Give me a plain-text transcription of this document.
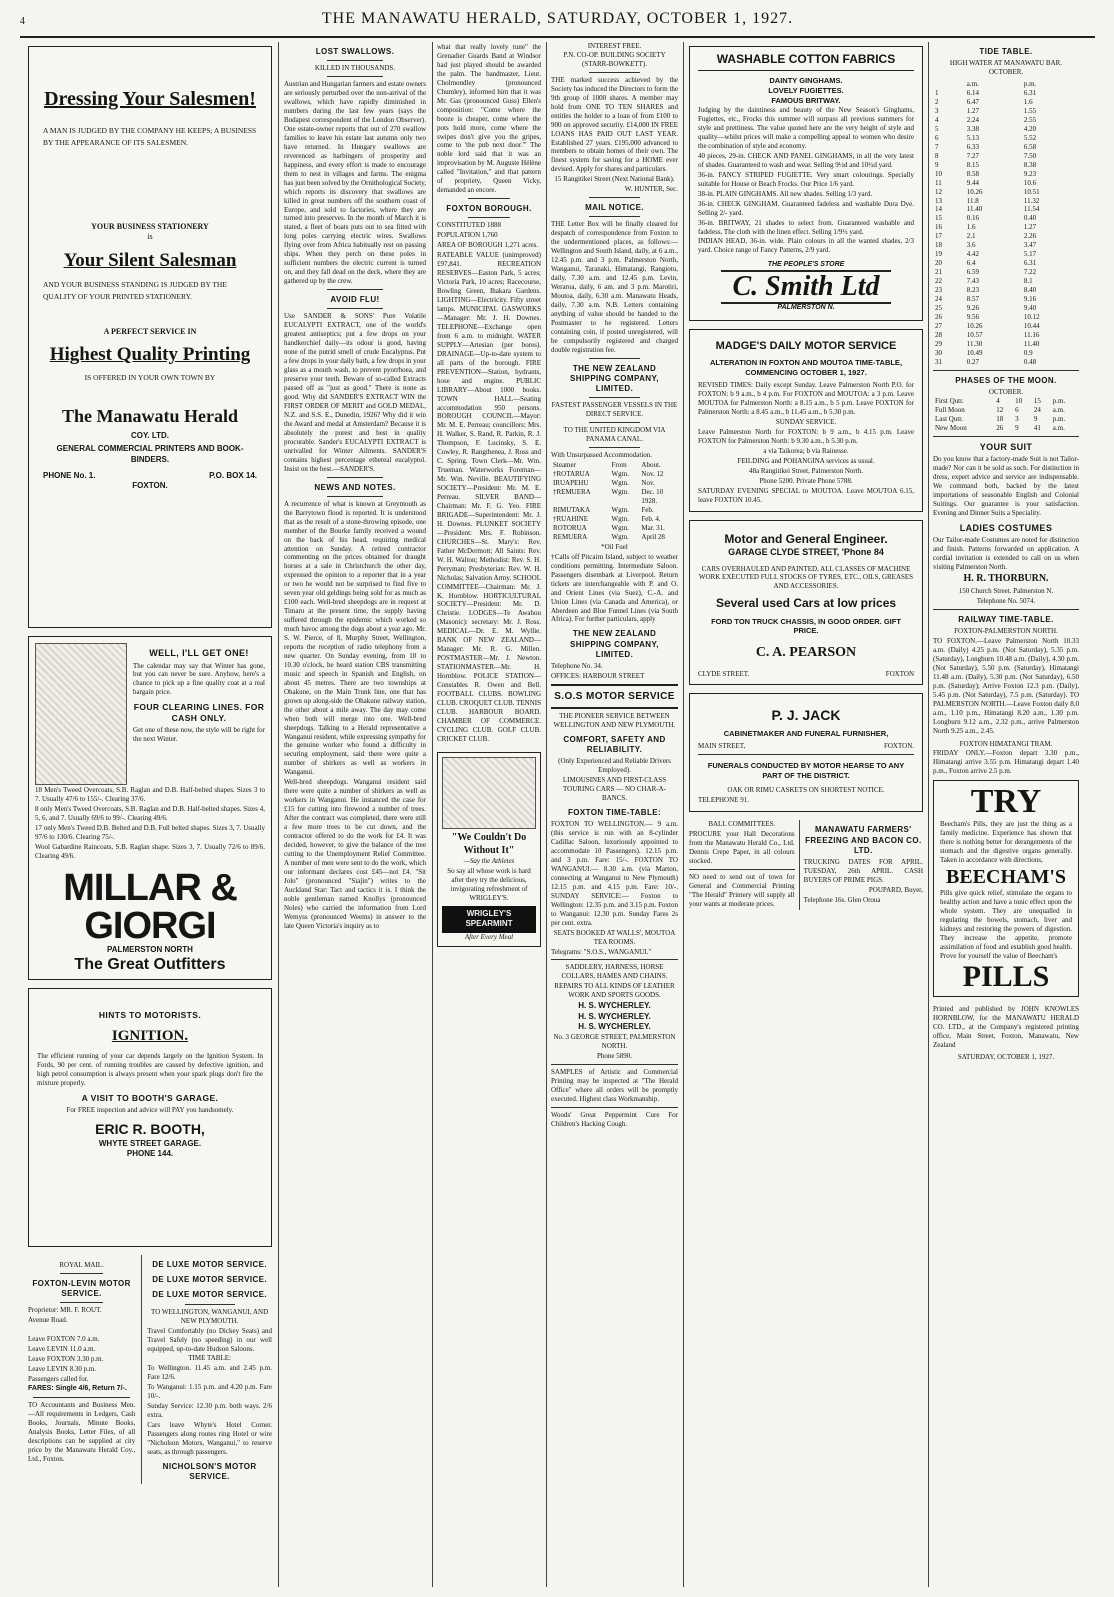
4	THE MANAWATU HERALD, SATURDAY, OCTOBER 1, 1927.
Dressing Your Salesmen!
A MAN IS JUDGED BY THE COMPANY HE KEEPS; A BUSINESS BY THE APPEARANCE OF ITS SALESMEN.
YOUR BUSINESS STATIONERY
is
Your Silent Salesman
AND YOUR BUSINESS STANDING IS JUDGED BY THE QUALITY OF YOUR PRINTED STATIONERY.
A PERFECT SERVICE IN
Highest Quality Printing
IS OFFERED IN YOUR OWN TOWN BY
The Manawatu Herald
COY. LTD.
GENERAL COMMERCIAL PRINTERS AND BOOK-BINDERS.
PHONE No. 1.	P.O. BOX 14.
FOXTON.
WELL, I'LL GET ONE!

The calendar may say that Winter has gone, but you can never be sure. Anyhow, here's a chance to pick up a fine quality coat at a real bargain price.

FOUR CLEARING LINES. FOR CASH ONLY.

Get one of these now, the style will be right for the next Winter.

18 Men's Tweed Overcoats, S.B. Raglan and D.B. Half-belted shapes. Sizes 3 to 7. Usually 47/6 to 155/-. Clearing 37/6.

8 only Men's Tweed Overcoats, S.B. Raglan and D.B. Half-belted shapes. Sizes 4, 5, 6, and 7. Usually 69/6 to 99/-. Clearing 49/6.

17 only Men's Tweed D.B. Belted and D.B. Full belted shapes. Sizes 3, 7. Usually 97/6 to 130/6. Clearing 75/-.

Wool Gabardine Raincoats, S.B. Raglan shape. Sizes 3, 7. Usually 72/6 to 89/6. Clearing 49/6.

MILLAR & GIORGI
PALMERSTON NORTH
The Great Outfitters
HINTS TO MOTORISTS.
IGNITION.

The efficient running of your car depends largely on the Ignition System. In Fords, 90 per cent. of running troubles are caused by defective ignition, and high petrol consumption is always present when your spark plugs don't fire the mixture properly.

A VISIT TO BOOTH'S GARAGE.

For FREE inspection and advice will PAY you handsomely.

ERIC R. BOOTH,
WHYTE STREET GARAGE.
PHONE 144.
ROYAL MAIL.
FOXTON-LEVIN MOTOR SERVICE.

Proprietor: MR. F. ROUT.

Avenue Road.

Leave FOXTON 7.0 a.m.

Leave LEVIN 11.0 a.m.

Leave FOXTON 3.30 p.m.

Leave LEVIN 8.30 p.m.

Passengers called for.

FARES: Single 4/6, Return 7/-.

TO Accountants and Business Men. —All requirements in Ledgers, Cash Books, Journals, Minute Books, Analysis Books, Letter Files, of all descriptions can be supplied at city price by the Manawatu Herald Coy., Ltd., Foxton.

DE LUXE MOTOR SERVICE.
DE LUXE MOTOR SERVICE.
DE LUXE MOTOR SERVICE.

TO WELLINGTON, WANGANUI, AND NEW PLYMOUTH.

Travel Comfortably (no Dickey Seats) and Travel Safely (no speeding) in our well equipped, up-to-date Hudson Saloons.

TIME TABLE:

To Wellington. 11.45 a.m. and 2.45 p.m. Fare 12/6.

To Wanganui: 1.15 p.m. and 4.20 p.m. Fare 10/-.

Sunday Service: 12.30 p.m. both ways. 2/6 extra.

Cars leave Whyte's Hotel Corner. Passengers along routes ring Hotel or wire "Nicholson Motors, Wanganui," to reserve seats, as through passengers.

NICHOLSON'S MOTOR SERVICE.
LOST SWALLOWS.
KILLED IN THOUSANDS.

Austrian and Hungarian farmers and estate owners are seriously perturbed over the non-arrival of the swallows, which have rapidly diminished in numbers during the last few years (says the Budapest correspondent of the London Observer). One estate-owner reports that out of 270 swallow families to leave his estate last autumn only two have returned. In Hungary swallows are reverenced as harbingers of prosperity and happiness, and every effort is made to encourage them to nest in villages and farms. The enigma has just been solved by the Ornithological Society, which reports its discovery that swallows are killed in great numbers off the southern coast of Europe, and sold to factories, where they are turned into preserves. In the month of March it is stated, a fleet of boats puts out to sea fitted with long poles carrying electric wires. Swallows flying over from Africa habitually rest on passing ships. When they perch on these poles in sufficient numbers the electric current is turned on, and they fall dead on the deck, where they are gathered up by the crew.

AVOID FLU!

Use SANDER & SONS' Pure Volatile EUCALYPTI EXTRACT, one of the world's greatest antiseptics; put a few drops on your handkerchief daily—its odour is good, having none of the putrid smell of crude Eucalyptus. Put a few drops in your daily bath, a few drops in your glass as a mouth wash, to prevent pyorrhoea, and preserve your teeth. Beware of so-called Extracts passed off as "just as good." There is none as good. Why did SANDER'S EXTRACT WIN the FIRST ORDER OF MERIT and GOLD MEDAL, N.Z. and S.S. E., Dunedin, 1926? Why did it win the Award and medal at Amsterdam? Because it is absolutely the purest and best in quality procurable. Sander's EUCALYPTI EXTRACT is unrivalled for Winter Ailments. SANDER'S contains highest percentage ethereal eucalyptol. Insist on the best.—SANDER'S.

NEWS AND NOTES.

A recurrence of what is known at Greymouth as the Barrytown flood is reported. It is understood that as the result of a stone-throwing episode, one member of the Bourke family received a wound on the back of his head, requiring medical attention on Sunday. A retired contractor commenting on the prices obtained for draught horses at a sale in Christchurch the other day, expressed the opinion to a reporter that in a year or two he would not be surprised to find five to seven year old geldings being sold for as much as £100 each. Well-bred sheepdogs are in request at Timaru at the present time, the supply having suffered through the epidemic which worked so much havoc among the dogs about a year ago. Mr. S. W. Pierce, of 8, Murphy Street, Wellington, reports the reception of radio telephony from a new quarter. On Sunday evening, from 10 to 10.30 o'clock, he heard station CBS transmitting music and speech in Spanish and English, on about 45 metres. There are two townships at Ohakune, on the Main Trunk line, one that has grown up along-side the Ohakune railway station, the other about a mile away. The day may come when both will merge into one. Well-bred sheepdogs. Talking to a Herald representative a Wanganui resident, while expressing sympathy for the genuine worker who found a difficulty in securing employment, said there were quite a number of shirkers as well as workers in Wanganui.

Well-bred sheepdogs. Wanganui resident said there were quite a number of shirkers as well as workers in Wanganui. He instanced the case for £15 for cutting into firewood a number of trees. After the contract was completed, there were still a few more trees to be cut down, and the contractor offered to do the work for £4. It was decided, however, to give the balance of the tree cutting to the Unemployment Relief Committee. A number of men were sent to do the work, which our informant declares cost £45—not £4. "Sit Jolo" (pronounced "Siajin") writes to the Auckland Star: Tact and tactics it is. I think the noble gentleman named Knollys (pronounced Noles) who carried the information from Lord Wemyss (pronounced Weems) in answer to the late Queen Victoria's inquiry as to

what that really lovely tune" the Grenadier Guards Band at Windsor had just played should be awarded the palm. The bandmaster, Lieut. Cholmondley (pronounced Chumley), informed him that it was Mr. Gas (pronounced Guss) Ellen's composition: "Come where the booze is cheaper, come where the pots hold more, come where the swipes don't give you the gripes, come to 'the pub next door.'" The noble lord said that it was an improvisation by M. Auguste Hélène called "Invitation," and that pattern of propriety, Queen Vicky, demanded an encore.

FOXTON BOROUGH.

CONSTITUTED 1888

POPULATION 1,760

AREA OF BOROUGH 1,271 acres.

RATEABLE VALUE (unimproved) £97,841. RECREATION RESERVES—Easton Park, 5 acres; Victoria Park, 10 acres; Racecourse, Bowling Green, Ihakara Gardens. LIGHTING—Electricity. Fifty street lamps. MUNICIPAL GASWORKS—Manager: Mr. J. H. Downes. TELEPHONE—Exchange open from 6 a.m. to midnight. WATER SUPPLY—Artesian (per bores). DRAINAGE—Up-to-date system to all parts of the borough. FIRE PREVENTION—Station, hydrants, hose and engine. PUBLIC LIBRARY—About 1000 books. TOWN HALL—Seating accommodation 950 persons. BOROUGH COUNCIL—Mayor: Mr. M. E. Perreau; councillors: Mrs. H. Walker, S. Rand, R. Parkin, R. J. Thompson, F. Lucinsky, S. E. Cowley, R. Rangihenea, J. Ross and C. Spring. Town Clerk—Mr. Wm. Trueman. Waterworks Foreman—Mr. Wm. Neville. BEAUTIFYING SOCIETY—President: Mr. M. E. Perreau. SILVER BAND—Chairman: Mr. F. G. Yeo. FIRE BRIGADE—Superintendent: Mr. J. H. Downes. PLUNKET SOCIETY—President: Mrs. F. Robinson. CHURCHES—St. Mary's: Rev. Father McDermott; All Saints: Rev. W. H. Walton; Methodist: Rev. S. H. Perryman; Presbyterian: Rev. W. H. Nicholas; Salvation Army. SCHOOL COMMITTEE—Chairman: Mr. J. K. Hornblow. HORTICULTURAL SOCIETY—President: Mr. D. Christie. LODGES—Te Awahou (Masonic): secretary: Mr. J. Ross. MEDICAL—Dr. E. M. Wyllie. BANK OF NEW ZEALAND—Manager: Mr. R. G. Millen. POSTMASTER—Mr. J. Newton. STATIONMASTER—Mr. H. Hornblow. POLICE STATION—Constables R. Owen and Bell. FOOTBALL CLUBS. BOWLING CLUB. CROQUET CLUB. TENNIS CLUB. HARBOUR BOARD. CHAMBER OF COMMERCE. CYCLING CLUB. GOLF CLUB. CRICKET CLUB.

"We Couldn't Do Without It"
—Say the Athletes

So say all whose work is hard after they try the delicious, invigorating refreshment of WRIGLEY'S.

WRIGLEY'S SPEARMINT
After Every Meal
INTEREST FREE.
P.N. CO-OP. BUILDING SOCIETY (STARR-BOWKETT).

THE marked success achieved by the Society has induced the Directors to form the 9th group of 1000 shares. A member may hold from ONE TO TEN SHARES and entitles the holder to a loan of from £100 to 900 on approved security. £14,000 IN FREE LOANS HAS PAID OUT LAST YEAR. Established 27 years. £195,000 advanced to members to obtain homes of their own. The finest system for saving for a HOME ever devised. Apply for shares and particulars.

15 Rangitikei Street (Next National Bank).

W. HUNTER, Sec.

MAIL NOTICE.

THE Letter Box will be finally cleared for despatch of correspondence from Foxton to the undermentioned places, as follows:— Wellington and South Island, daily, at 6 a.m., 12.45 p.m. and 3 p.m. Palmerston North, Wanganui, Taranaki, Himatangi, Rangiotu, daily, 7.30 a.m. and 12.45 p.m. Levin, Weraroa, daily, 6 am. and 3 p.m. Marotiri, Moutoa, daily, 6.30 a.m. Manawatu Heads, daily, 7.30 a.m. N.B. Letters containing anything of value should be handed to the Postmaster to be registered. Letters containing coin, if posted unregistered, will be compulsorily registered and charged double registration fee.

THE NEW ZEALAND SHIPPING COMPANY, LIMITED.
FASTEST PASSENGER VESSELS IN THE DIRECT SERVICE.
TO THE UNITED KINGDOM VIA PANAMA CANAL.

With Unsurpassed Accommodation.

Steamer	From	About.
†ROTARUA	Wgtn.	Nov. 12
IRUAPEHU	Wgtn.	Nov.
†REMUERA	Wgtn.	Dec. 10
		1928.
RIMUTAKA	Wgtn.	Feb.
†RUAHINE	Wgtn.	Feb. 4.
ROTORUA	Wgtn.	Mar. 31.
REMUERA	Wgtn.	April 28

*Oil Fuel

†Calls off Pitcairn Island, subject to weather conditions permitting. Intermediate Saloon. Passengers disembark at Liverpool. Return tickets are interchangeable with P. and O. and Orient Lines (via Suez), C.-A. and Union Lines (via Canada and America), or Aberdeen and Blue Funnel Lines (via South Africa). For further particulars, apply

THE NEW ZEALAND SHIPPING COMPANY, LIMITED.

Telephone No. 34.

OFFICES: HARBOUR STREET

S.O.S MOTOR SERVICE

THE PIONEER SERVICE BETWEEN WELLINGTON AND NEW PLYMOUTH.

COMFORT, SAFETY AND RELIABILITY.

(Only Experienced and Reliable Drivers Employed).

LIMOUSINES AND FIRST-CLASS TOURING CARS — NO CHAR-A-BANCS.

FOXTON TIME-TABLE:

FOXTON TO WELLINGTON.— 9 a.m. (this service is run with an 8-cylinder Cadillac Saloon, luxuriously appointed to accommodate 10 Passengers). 12.15 p.m. and 3 p.m. Fare: 15/-. FOXTON TO WANGANUI.— 8.30 a.m. (via Marton, connecting at Wanganui to New Plymouth) 12.15 p.m. and 4.15 p.m. Fare: 10/-. SUNDAY SERVICE:— Foxton to Wellington: 12.35 p.m. and 3.15 p.m. Foxton to Wanganui: 12.30 p.m. Sunday Fares 2s per cent. extra.

SEATS BOOKED AT WALLS', MOUTOA TEA ROOMS.

Telegrams: "S.O.S., WANGANUI."

SADDLERY, HARNESS, HORSE COLLARS, HAMES AND CHAINS.

REPAIRS TO ALL KINDS OF LEATHER WORK AND SPORTS GOODS.

H. S. WYCHERLEY.
H. S. WYCHERLEY.
H. S. WYCHERLEY.

No. 3 GEORGE STREET, PALMERSTON NORTH.

Phone 5890.

SAMPLES of Artistic and Commercial Printing may be inspected at "The Herald Office" where all orders will be promptly executed. Highest class Workmanship.

Woods' Great Peppermint Cure For Children's Hacking Cough.

WASHABLE COTTON FABRICS
DAINTY GINGHAMS.
LOVELY FUGIETTES.
FAMOUS BRITWAY.

Judging by the daintiness and beauty of the New Season's Ginghams, Fugiettes, etc., Frocks this summer will surpass all previous summers for style and prettiness. The value quoted here are the very height of style and quality—whilst prices will make a compelling appeal to women who desire the combination of style and economy.

40 pieces, 29-in. CHECK AND PANEL GINGHAMS, in all the very latest of shades. Guaranteed to wash and wear. Selling 9½d and 10½d yard.

36-in. FANCY STRIPED FUGIETTE. Very smart colourings. Specially suitable for House or Beach Frocks. Our Price 1/6 yard.

38-in. PLAIN GINGHAMS. All new shades. Selling 1/3 yard.

36-in. CHECK GINGHAM. Guaranteed fadeless and washable Dura Dye. Selling 2/- yard.

36-in. BRITWAY, 21 shades to select from. Guaranteed washable and fadeless. The cloth with the linen effect. Selling 1/9½ yard.

INDIAN HEAD, 36-in. wide. Plain colours in all the wanted shades, 2/3 yard. Choice range of Fancy Patterns, 2/9 yard.

THE PEOPLE'S STORE
C. Smith Ltd
PALMERSTON N.
MADGE'S DAILY MOTOR SERVICE
ALTERATION IN FOXTON AND MOUTOA TIME-TABLE, COMMENCING OCTOBER 1, 1927.

REVISED TIMES: Daily except Sunday. Leave Palmerston North P.O. for FOXTON: b 9 a.m., b 4 p.m. For FOXTON and MOUTOA: a 3 p.m. Leave MOUTOA for Palmerston North: a 8.15 a.m., b 5 p.m. Leave FOXTON for Palmerston North: a 8.45 a.m., b 11.45 a.m., b 5.30 p.m.

SUNDAY SERVICE.

Leave Palmerston North for FOXTON: b 9 a.m., b 4.15 p.m. Leave FOXTON for Palmerston North: b 9.30 a.m., b 5.30 p.m.

a via Taikorea; b via Rainesse.

FEILDING and POHANGINA services as usual.

48a Rangitikei Street, Palmerston North.

Phone 5200. Private Phone 5788.

SATURDAY EVENING SPECIAL to MOUTOA. Leave MOUTOA 6.15, leave FOXTON 10.45.

Motor and General Engineer.
GARAGE CLYDE STREET, 'Phone 84

CARS OVERHAULED AND PAINTED, ALL CLASSES OF MACHINE WORK EXECUTED FULL STOCKS OF TYRES, ETC., OILS, GREASES AND ACCESSORIES.

Several used Cars at low prices
FORD TON TRUCK CHASSIS, IN GOOD ORDER. GIFT PRICE.
C. A. PEARSON
CLYDE STREET.	FOXTON
P. J. JACK
CABINETMAKER AND FUNERAL FURNISHER,
MAIN STREET,	FOXTON.
FUNERALS CONDUCTED BY MOTOR HEARSE TO ANY PART OF THE DISTRICT.

OAK OR RIMU CASKETS ON SHORTEST NOTICE.

TELEPHONE 91.

BALL COMMITTEES.

PROCURE your Hall Decorations from the Manawatu Herald Co., Ltd. Dennis Crepe Paper, in all colours stocked.

NO need to send out of town for General and Commercial Printing "The Herald" Printery will supply all your wants at moderate prices.

MANAWATU FARMERS' FREEZING AND BACON CO. LTD.

TRUCKING DATES FOR APRIL. TUESDAY, 26th APRIL. CASH BUYERS OF PRIME PIGS.

POUPARD, Buyer,

Telephone 16s. Glen Oroua

TIDE TABLE.
HIGH WATER AT MANAWATU BAR.
OCTOBER.
	a.m.	p.m.
1	6.14	6.31
2	6.47	1.6
3	1.27	1.55
4	2.24	2.55
5	3.38	4.20
6	5.13	5.52
7	6.33	6.58
8	7.27	7.50
9	8.15	8.38
10	8.58	9.23
11	9.44	10.6
12	10.26	10.51
13	11.8	11.32
14	11.40	11.54
15	0.16	0.40
16	1.6	1.27
17	2.1	2.26
18	3.6	3.47
19	4.42	5.17
20	6.4	6.31
21	6.59	7.22
22	7.43	8.1
23	8.23	8.40
24	8.57	9.16
25	9.26	9.40
26	9.56	10.12
27	10.26	10.44
28	10.57	11.16
29	11.30	11.40
30	10.49	0.9
31	0.27	0.48
PHASES OF THE MOON.
OCTOBER.
First Qutr.	4	10	15	p.m.
Full Moon	12	6	24	a.m.
Last Qutr.	18	3	9	p.m.
New Moon	26	9	41	a.m.
YOUR SUIT

Do you know that a factory-made Suit is not Tailor-made? Nor can it be sold as such. For distinction in dress, expert advice and service are indispensable. We command both, backed by the latest importations of seasonable English and Colonial Suitings. Our guarantee is your satisfaction. Evening and Dinner Suits a Speciality.

LADIES COSTUMES

Our Tailor-made Costumes are noted for distinction and finish. Patterns forwarded on application. A cordial invitation is extended to call on us when visiting Palmerston North.

H. R. THORBURN.

150 Church Street. Palmerston N.

Telephone No. 5074.

RAILWAY TIME-TABLE.
FOXTON-PALMERSTON NORTH.

TO FOXTON.—Leave Palmerston North 10.33 a.m. (Daily) 4.25 p.m. (Not Saturday), 5.35 p.m. (Saturday), Longburn 10.48 a.m. (Daily), 4.30 p.m. (Not Saturday), 5.50 p.m. (Saturday), Himatangi 11.48 a.m. (Daily), 5.30 p.m. (Not Saturday), 6.50 p.m. (Saturday); Arrive Foxton 12.3 p.m. (Daily), 5.45 p.m. (Not Saturday), 7.5 p.m. (Saturday). TO PALMERSTON NORTH.—Leave Foxton daily 8.0 a.m., 1.10 p.m., Himatangi 8.20 a.m., 1.30 p.m. Longburn 9.12 a.m., 2.32 p.m., arrive Palmerston North 9.25 a.m., 2.45.

FOXTON HIMATANGI TRAM.

FRIDAY ONLY.—Foxton depart 3.30 p.m., Himatangi arrive 3.55 p.m. Himatangi depart 1.40 p.m., Foxton arrive 2.5 p.m.

TRY

Beecham's Pills, they are just the thing as a family medicine. Experience has shown that there is nothing better for derangements of the stomach and the digestive organs generally. Taken in accordance with directions,

BEECHAM'S

Pills give quick relief, stimulate the organs to healthy action and have a tonic effect upon the whole system. They are unequalled in regulating the bowels, stomach, liver and kidneys and restoring the powers of digestion. They increase the appetite, promote assimilation of food and establish good health. Prove for yourself the value of Beecham's

PILLS

Printed and published by JOHN KNOWLES HORNBLOW, for the MANAWATU HERALD CO. LTD., at the Company's registered printing office, Main Street, Foxton, Manawatu, New Zealand

SATURDAY, OCTOBER 1, 1927.
